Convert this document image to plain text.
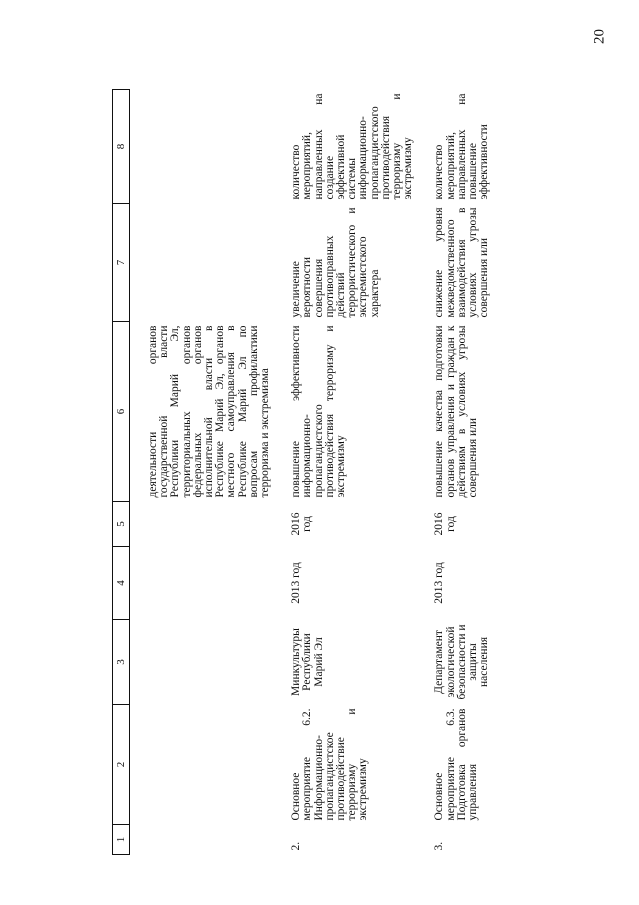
20
1	2	3	4	5	6	7	8
					деятельности органов государственной власти Республики Марий Эл, территориальных органов федеральных органов исполнительной власти в Республике Марий Эл, органов местного самоуправления в Республике Марий Эл по вопросам профилактики терроризма и экстремизма		
2.	Основное мероприятие 6.2. Информационно-пропагандистское противодействие терроризму и экстремизму	Минкультуры Республики Марий Эл	2013 год	2016 год	повышение эффективности информационно-пропагандистского противодействия терроризму и экстремизму	увеличение вероятности совершения противоправных действий террористического и экстремистского характера	количество мероприятий, направленных на создание эффективной системы информационно-пропагандистского противодействия терроризму и экстремизму
3.	Основное мероприятие 6.3. Подготовка органов управления	Департамент экологической безопасности и защиты населения	2013 год	2016 год	повышение качества подготовки органов управления и граждан к действиям в условиях угрозы совершения или	снижение уровня межведомственного взаимодействия в условиях угрозы совершения или	количество мероприятий, направленных на повышение эффективности
